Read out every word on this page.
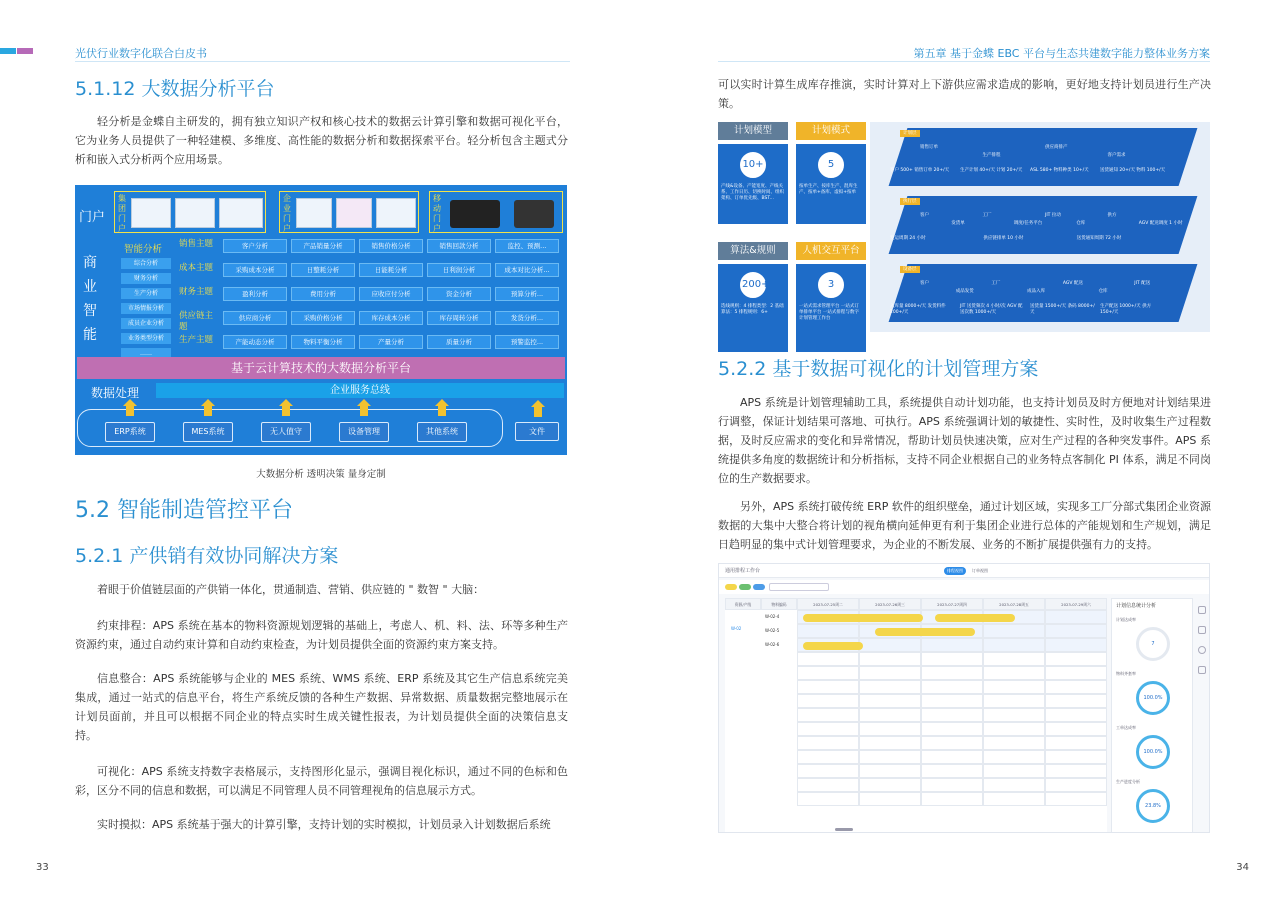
光伏行业数字化联合白皮书	第五章 基于金蝶 EBC 平台与生态共建数字能力整体业务方案
5.1.12 大数据分析平台
轻分析是金蝶自主研发的，拥有独立知识产权和核心技术的数据云计算引擎和数据可视化平台，它为业务人员提供了一种轻建模、多维度、高性能的数据分析和数据探索平台。轻分析包含主题式分析和嵌入式分析两个应用场景。
门户
集团门户
企业门户
移动门户
商业智能
智能分析
综合分析
财务分析
生产分析
市场情报分析
成员企业分析
业务类型分析
……
销售主题	客户分析	产品销量分析	销售价格分析	销售回款分析	监控、预测...
成本主题	采购成本分析	日整耗分析	日能耗分析	日利润分析	成本对比分析...
财务主题	盈利分析	费用分析	应收应付分析	资金分析	预算分析...
供应链主题
供应商分析	采购价格分析	库存成本分析	库存周转分析	发货分析...
生产主题	产能动态分析	物料平衡分析	产量分析	质量分析	预警监控...
基于云计算技术的大数据分析平台
数据处理	企业服务总线
ERP系统	MES系统	无人值守	设备管理	其他系统	文件
大数据分析 透明决策 量身定制
5.2 智能制造管控平台
5.2.1 产供销有效协同解决方案
着眼于价值链层面的产供销一体化，贯通制造、营销、供应链的 " 数智 " 大脑：
约束排程：APS 系统在基本的物料资源规划逻辑的基础上，考虑人、机、料、法、环等多种生产资源约束，通过自动约束计算和自动约束检查，为计划员提供全面的资源约束方案支持。
信息整合：APS 系统能够与企业的 MES 系统、WMS 系统、ERP 系统及其它生产信息系统完美集成，通过一站式的信息平台，将生产系统反馈的各种生产数据、异常数据、质量数据完整地展示在计划员面前，并且可以根据不同企业的特点实时生成关键性报表，为计划员提供全面的决策信息支持。
可视化：APS 系统支持数字表格展示，支持图形化显示，强调目视化标识，通过不同的色标和色彩，区分不同的信息和数据，可以满足不同管理人员不同管理视角的信息展示方式。
实时摸拟：APS 系统基于强大的计算引擎，支持计划的实时模拟，计划员录入计划数据后系统
33
可以实时计算生成库存推演，实时计算对上下游供应需求造成的影响，更好地支持计划员进行生产决策。
计划模型
10+
产线&设备、产能宽度、产线关系、工作日历、切换时间、组织架构、订单优先级、BST...
计划模式
5
按单生产、按库生产、混库生产、按单+备库、虚拟+按单
算法&规则
200+
选线规则：4 排程类型：2 基础算法：5 排程规则：6+
人机交互平台
3
一站式需求管理平台 一站式订单排单平台 一站式排程与数字计划管理工作台
计划层
销售订单
生产排程
供应商排产
客户需求
客户 500+ 销售订单 20+/天	生产计划 40+/天 计划 20+/天	ASL 580+ 物料种类 10+/天	送货通知 20+/天 物料 100+/天
执行层
客户
发货单
工厂
调度/任务平台
JIT 拉动
仓库
供方
AGV 配送调度 1 小时
发运周期 24 小时	供应链排单 10 小时	送货通知周期 72 小时
设备层
客户
成品发货
工厂
成品入库
AGV 配送
仓库
JIT 配送
入库量 8000+/天 发货料件 200+/天
JIT 送货频次 4 小时/次 AGV 配送次数 1000+/天
送货量 1500+/天 条码 8000+/天
生产配送 1000+/天 供方 150+/天
5.2.2 基于数据可视化的计划管理方案
APS 系统是计划管理辅助工具，系统提供自动计划功能，也支持计划员及时方便地对计划结果进行调整，保证计划结果可落地、可执行。APS 系统强调计划的敏捷性、实时性，及时收集生产过程数据，及时反应需求的变化和异常情况，帮助计划员快速决策，应对生产过程的各种突发事件。APS 系统提供多角度的数据统计和分析指标，支持不同企业根据自己的业务特点客制化 PI 体系，满足不同岗位的生产数据要求。
另外，APS 系统打破传统 ERP 软件的组织壁垒，通过计划区域，实现多工厂分部式集团企业资源数据的大集中大整合将计划的视角横向延伸更有利于集团企业进行总体的产能规划和生产规划，满足日趋明显的集中式计划管理要求，为企业的不断发展、业务的不断扩展提供强有力的支持。
通用排程工作台	排程视图	订单视图
资源/产线	物料编码	2023-07-25周二	2023-07-26周三	2023-07-27周四	2023-07-28周五	2023-07-29周六
W-02
W-02-4
W-02-5
W-02-6
计划信息统计分析
计划达成率
7
物料齐套率
100.0%
工单达成率
100.0%
生产进度分析
23.8%
34
